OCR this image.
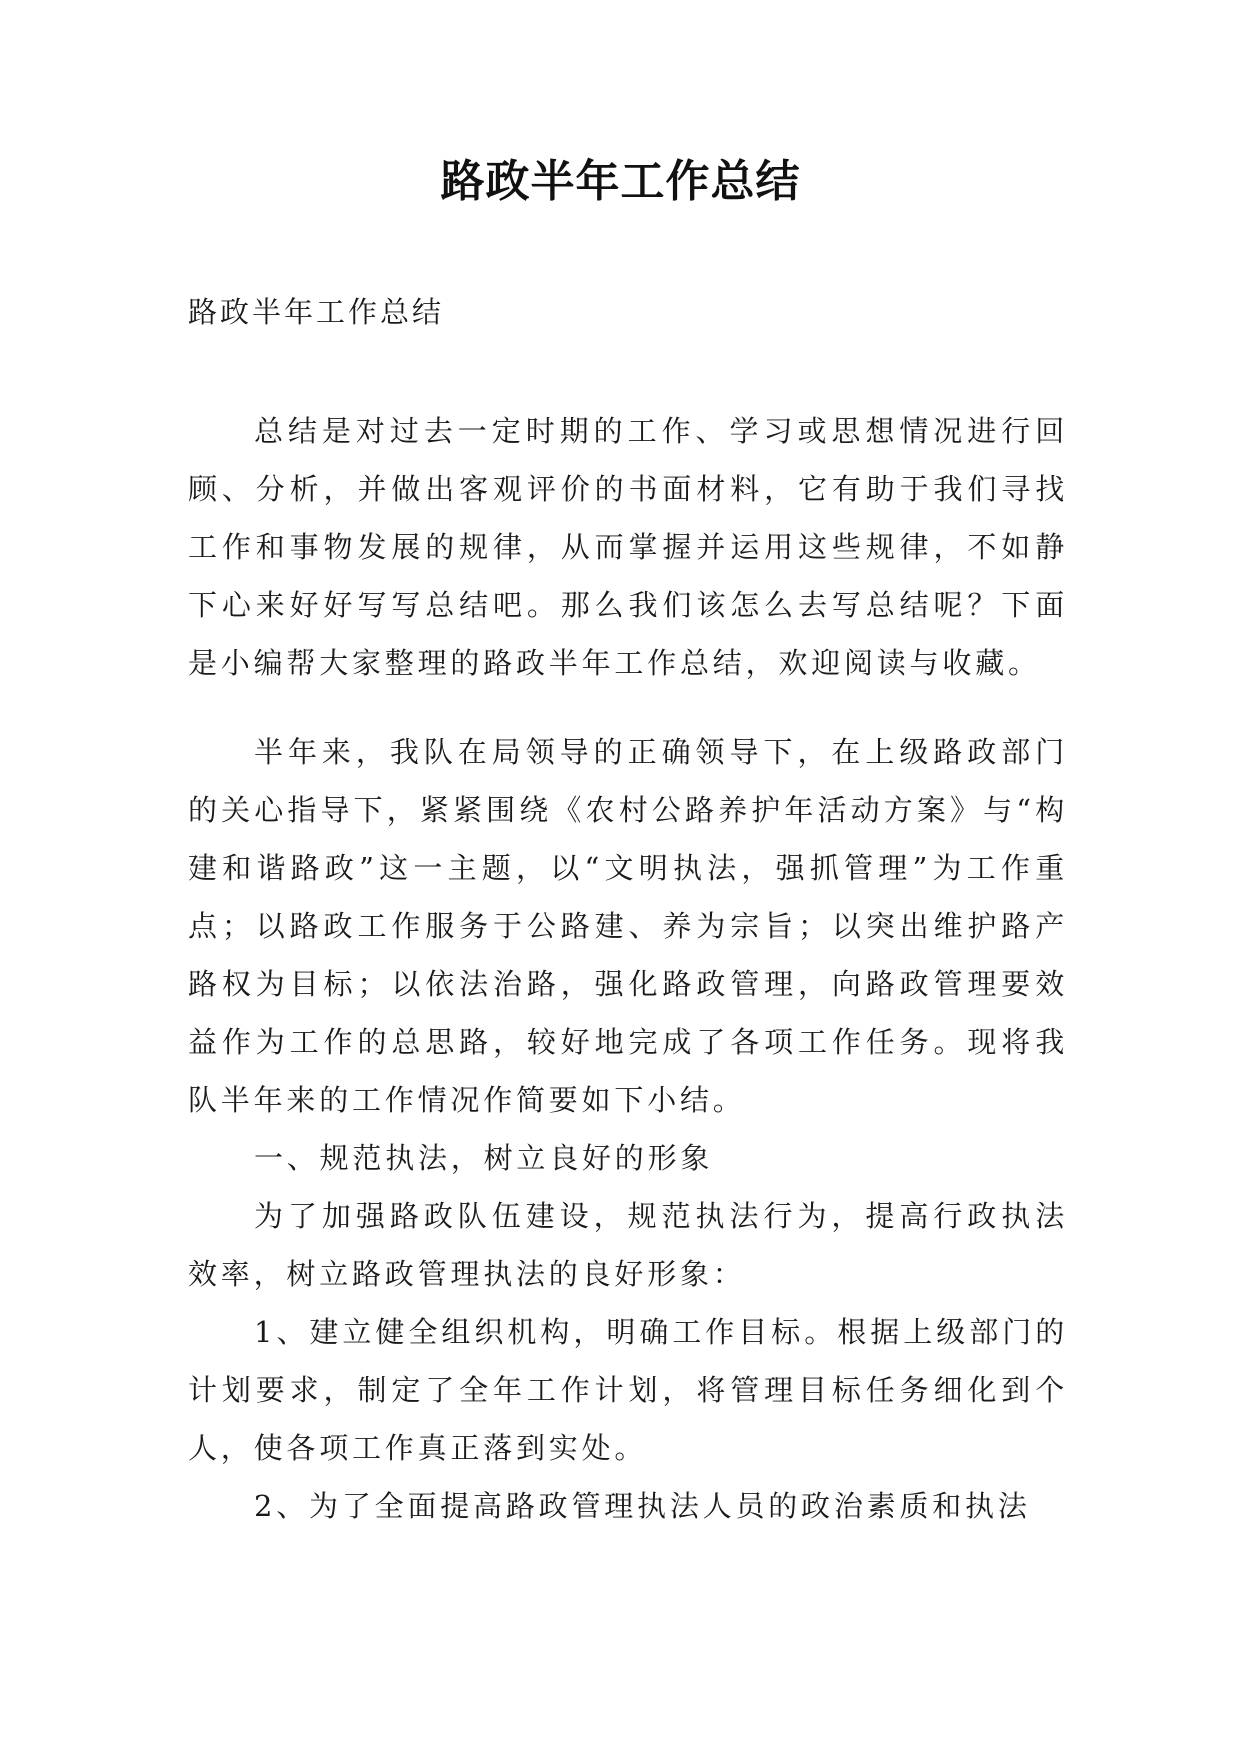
路政半年工作总结
路政半年工作总结

总结是对过去一定时期的工作、学习或思想情况进行回顾、分析，并做出客观评价的书面材料，它有助于我们寻找工作和事物发展的规律，从而掌握并运用这些规律，不如静下心来好好写写总结吧。那么我们该怎么去写总结呢？下面是小编帮大家整理的路政半年工作总结，欢迎阅读与收藏。

半年来，我队在局领导的正确领导下，在上级路政部门的关心指导下，紧紧围绕《农村公路养护年活动方案》与“构建和谐路政”这一主题，以“文明执法，强抓管理”为工作重点；以路政工作服务于公路建、养为宗旨；以突出维护路产路权为目标；以依法治路，强化路政管理，向路政管理要效益作为工作的总思路，较好地完成了各项工作任务。现将我队半年来的工作情况作简要如下小结。

一、规范执法，树立良好的形象

为了加强路政队伍建设，规范执法行为，提高行政执法效率，树立路政管理执法的良好形象：

1、建立健全组织机构，明确工作目标。根据上级部门的计划要求，制定了全年工作计划，将管理目标任务细化到个人，使各项工作真正落到实处。

2、为了全面提高路政管理执法人员的政治素质和执法
